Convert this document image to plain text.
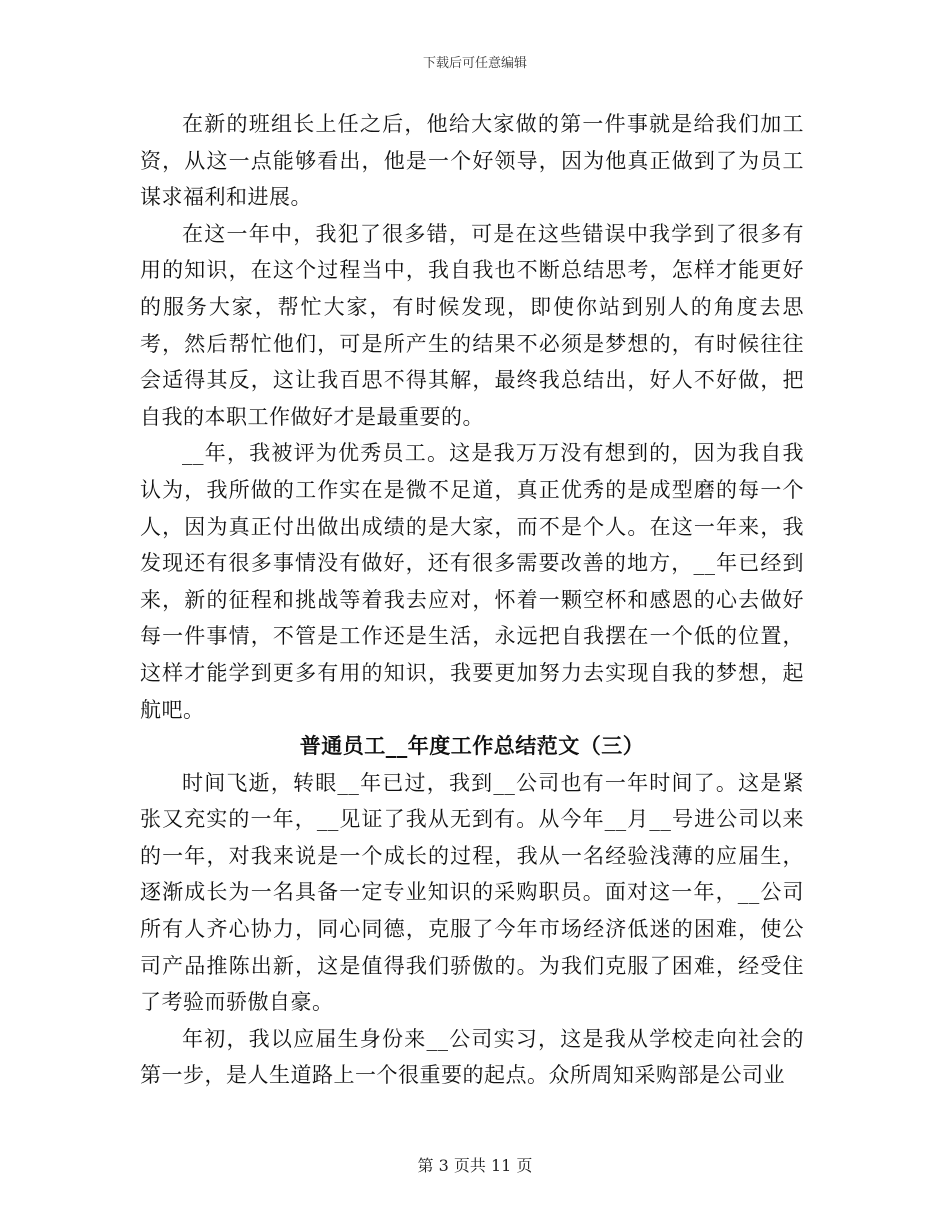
下载后可任意编辑

在新的班组长上任之后，他给大家做的第一件事就是给我们加工资，从这一点能够看出，他是一个好领导，因为他真正做到了为员工谋求福利和进展。

在这一年中，我犯了很多错，可是在这些错误中我学到了很多有用的知识，在这个过程当中，我自我也不断总结思考，怎样才能更好的服务大家，帮忙大家，有时候发现，即使你站到别人的角度去思考，然后帮忙他们，可是所产生的结果不必须是梦想的，有时候往往会适得其反，这让我百思不得其解，最终我总结出，好人不好做，把自我的本职工作做好才是最重要的。

__年，我被评为优秀员工。这是我万万没有想到的，因为我自我认为，我所做的工作实在是微不足道，真正优秀的是成型磨的每一个人，因为真正付出做出成绩的是大家，而不是个人。在这一年来，我发现还有很多事情没有做好，还有很多需要改善的地方，__年已经到来，新的征程和挑战等着我去应对，怀着一颗空杯和感恩的心去做好每一件事情，不管是工作还是生活，永远把自我摆在一个低的位置，这样才能学到更多有用的知识，我要更加努力去实现自我的梦想，起航吧。

普通员工__年度工作总结范文（三）

时间飞逝，转眼__年已过，我到__公司也有一年时间了。这是紧张又充实的一年，__见证了我从无到有。从今年__月__号进公司以来的一年，对我来说是一个成长的过程，我从一名经验浅薄的应届生，逐渐成长为一名具备一定专业知识的采购职员。面对这一年，__公司所有人齐心协力，同心同德，克服了今年市场经济低迷的困难，使公司产品推陈出新，这是值得我们骄傲的。为我们克服了困难，经受住了考验而骄傲自豪。

年初，我以应届生身份来__公司实习，这是我从学校走向社会的第一步，是人生道路上一个很重要的起点。众所周知采购部是公司业

第 3 页共 11 页
